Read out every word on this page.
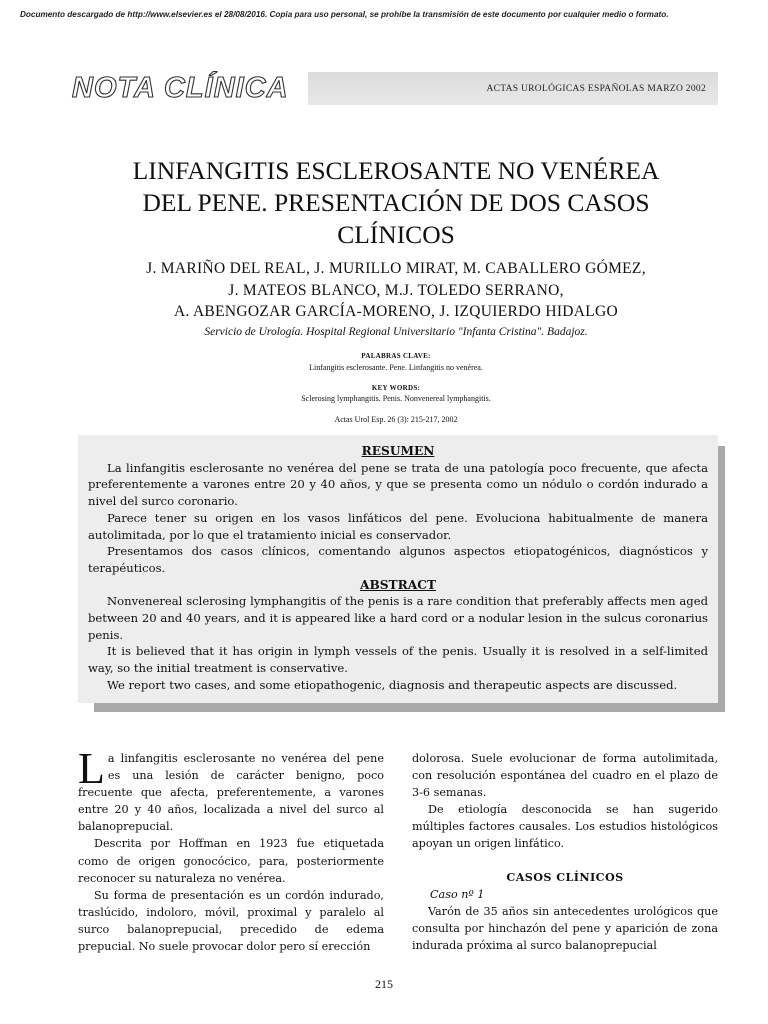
Documento descargado de http://www.elsevier.es el 28/08/2016. Copia para uso personal, se prohíbe la transmisión de este documento por cualquier medio o formato.
NOTA CLÍNICA	ACTAS UROLÓGICAS ESPAÑOLAS MARZO 2002
LINFANGITIS ESCLEROSANTE NO VENÉREA
DEL PENE. PRESENTACIÓN DE DOS CASOS
CLÍNICOS
J. MARIÑO DEL REAL, J. MURILLO MIRAT, M. CABALLERO GÓMEZ,
J. MATEOS BLANCO, M.J. TOLEDO SERRANO,
A. ABENGOZAR GARCÍA-MORENO, J. IZQUIERDO HIDALGO
Servicio de Urología. Hospital Regional Universitario "Infanta Cristina". Badajoz.
PALABRAS CLAVE:
Linfangitis esclerosante. Pene. Linfangitis no venérea.
KEY WORDS:
Sclerosing lymphangitis. Penis. Nonvenereal lymphangitis.
Actas Urol Esp. 26 (3): 215-217, 2002
RESUMEN

La linfangitis esclerosante no venérea del pene se trata de una patología poco frecuente, que afecta preferentemente a varones entre 20 y 40 años, y que se presenta como un nódulo o cordón indurado a nivel del surco coronario.

Parece tener su origen en los vasos linfáticos del pene. Evoluciona habitualmente de manera autolimitada, por lo que el tratamiento inicial es conservador.

Presentamos dos casos clínicos, comentando algunos aspectos etiopatogénicos, diagnósticos y terapéuticos.

ABSTRACT

Nonvenereal sclerosing lymphangitis of the penis is a rare condition that preferably affects men aged between 20 and 40 years, and it is appeared like a hard cord or a nodular lesion in the sulcus coronarius penis.

It is believed that it has origin in lymph vessels of the penis. Usually it is resolved in a self-limited way, so the initial treatment is conservative.

We report two cases, and some etiopathogenic, diagnosis and therapeutic aspects are discussed.

La linfangitis esclerosante no venérea del pene es una lesión de carácter benigno, poco frecuente que afecta, preferentemente, a varones entre 20 y 40 años, localizada a nivel del surco al balanoprepucial.

Descrita por Hoffman en 1923 fue etiquetada como de origen gonocócico, para, posteriormente reconocer su naturaleza no venérea.

Su forma de presentación es un cordón indurado, traslúcido, indoloro, móvil, proximal y paralelo al surco balanoprepucial, precedido de edema prepucial. No suele provocar dolor pero sí erección

dolorosa. Suele evolucionar de forma autolimitada, con resolución espontánea del cuadro en el plazo de 3-6 semanas.

De etiología desconocida se han sugerido múltiples factores causales. Los estudios histológicos apoyan un origen linfático.

CASOS CLÍNICOS
Caso nº 1

Varón de 35 años sin antecedentes urológicos que consulta por hinchazón del pene y aparición de zona indurada próxima al surco balanoprepucial

215
